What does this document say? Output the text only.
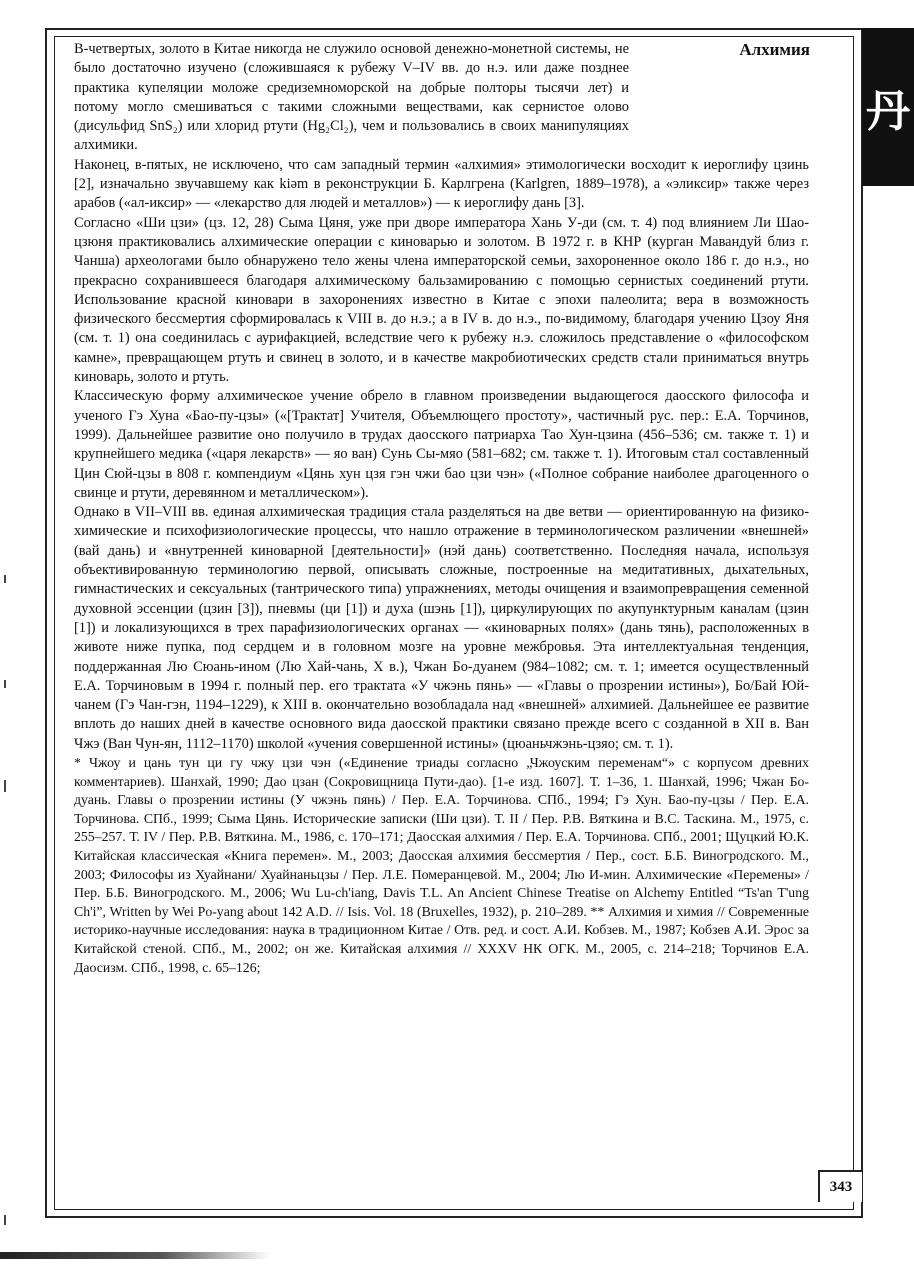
丹
Алхимия

В-четвертых, золото в Китае никогда не служило основой денежно-монетной системы, не было достаточно изучено (сложившаяся к рубежу V–IV вв. до н.э. или даже позднее практика купеляции моложе средиземноморской на добрые полторы тысячи лет) и потому могло смешиваться с такими сложными веществами, как сернистое олово (дисульфид SnS₂) или хлорид ртути (Hg₂Cl₂), чем и пользовались в своих манипуляциях алхимики.

Наконец, в-пятых, не исключено, что сам западный термин «алхимия» этимологически восходит к иероглифу цзинь [2], изначально звучавшему как kiəm в реконструкции Б. Карлгрена (Karlgren, 1889–1978), а «эликсир» также через арабов («ал-иксир» — «лекарство для людей и металлов») — к иероглифу дань [3].

Согласно «Ши цзи» (цз. 12, 28) Сыма Цяня, уже при дворе императора Хань У-ди (см. т. 4) под влиянием Ли Шао-цзюня практиковались алхимические операции с киноварью и золотом. В 1972 г. в КНР (курган Мавандуй близ г. Чанша) археологами было обнаружено тело жены члена императорской семьи, захороненное около 186 г. до н.э., но прекрасно сохранившееся благодаря алхимическому бальзамированию с помощью сернистых соединений ртути. Использование красной киновари в захоронениях известно в Китае с эпохи палеолита; вера в возможность физического бессмертия сформировалась к VIII в. до н.э.; а в IV в. до н.э., по-видимому, благодаря учению Цзоу Яня (см. т. 1) она соединилась с аурифакцией, вследствие чего к рубежу н.э. сложилось представление о «философском камне», превращающем ртуть и свинец в золото, и в качестве макробиотических средств стали приниматься внутрь киноварь, золото и ртуть.

Классическую форму алхимическое учение обрело в главном произведении выдающегося даосского философа и ученого Гэ Хуна «Бао-пу-цзы» («[Трактат] Учителя, Объемлющего простоту», частичный рус. пер.: Е.А. Торчинов, 1999). Дальнейшее развитие оно получило в трудах даосского патриарха Тао Хун-цзина (456–536; см. также т. 1) и крупнейшего медика («царя лекарств» — яо ван) Сунь Сы-мяо (581–682; см. также т. 1). Итоговым стал составленный Цин Сюй-цзы в 808 г. компендиум «Цянь хун цзя гэн чжи бао цзи чэн» («Полное собрание наиболее драгоценного о свинце и ртути, деревянном и металлическом»).

Однако в VII–VIII вв. единая алхимическая традиция стала разделяться на две ветви — ориентированную на физико-химические и психофизиологические процессы, что нашло отражение в терминологическом различении «внешней» (вай дань) и «внутренней киноварной [деятельности]» (нэй дань) соответственно. Последняя начала, используя объективированную терминологию первой, описывать сложные, построенные на медитативных, дыхательных, гимнастических и сексуальных (тантрического типа) упражнениях, методы очищения и взаимопревращения семенной духовной эссенции (цзин [3]), пневмы (ци [1]) и духа (шэнь [1]), циркулирующих по акупунктурным каналам (цзин [1]) и локализующихся в трех парафизиологических органах — «киноварных полях» (дань тянь), расположенных в животе ниже пупка, под сердцем и в головном мозге на уровне межбровья. Эта интеллектуальная тенденция, поддержанная Лю Сюань-ином (Лю Хай-чань, X в.), Чжан Бо-дуанем (984–1082; см. т. 1; имеется осуществленный Е.А. Торчиновым в 1994 г. полный пер. его трактата «У чжэнь пянь» — «Главы о прозрении истины»), Бо/Бай Юй-чанем (Гэ Чан-гэн, 1194–1229), к XIII в. окончательно возобладала над «внешней» алхимией. Дальнейшее ее развитие вплоть до наших дней в качестве основного вида даосской практики связано прежде всего с созданной в XII в. Ван Чжэ (Ван Чун-ян, 1112–1170) школой «учения совершенной истины» (цюаньчжэнь-цзяо; см. т. 1).

* Чжоу и цань тун ци гу чжу цзи чэн («Единение триады согласно „Чжоуским переменам“» с корпусом древних комментариев). Шанхай, 1990; Дао цзан (Сокровищница Пути-дао). [1-е изд. 1607]. Т. 1–36, 1. Шанхай, 1996; Чжан Бо-дуань. Главы о прозрении истины (У чжэнь пянь) / Пер. Е.А. Торчинова. СПб., 1994; Гэ Хун. Бао-пу-цзы / Пер. Е.А. Торчинова. СПб., 1999; Сыма Цянь. Исторические записки (Ши цзи). Т. II / Пер. Р.В. Вяткина и В.С. Таскина. М., 1975, с. 255–257. Т. IV / Пер. Р.В. Вяткина. М., 1986, с. 170–171; Даосская алхимия / Пер. Е.А. Торчинова. СПб., 2001; Щуцкий Ю.К. Китайская классическая «Книга перемен». М., 2003; Даосская алхимия бессмертия / Пер., сост. Б.Б. Виногродского. М., 2003; Философы из Хуайнани/ Хуайнаньцзы / Пер. Л.Е. Померанцевой. М., 2004; Лю И-мин. Алхимические «Перемены» / Пер. Б.Б. Виногродского. М., 2006; Wu Lu-ch'iang, Davis T.L. An Ancient Chinese Treatise on Alchemy Entitled “Ts'an T'ung Ch'i”, Written by Wei Po-yang about 142 A.D. // Isis. Vol. 18 (Bruxelles, 1932), p. 210–289. ** Алхимия и химия // Современные историко-научные исследования: наука в традиционном Китае / Отв. ред. и сост. А.И. Кобзев. М., 1987; Кобзев А.И. Эрос за Китайской стеной. СПб., М., 2002; он же. Китайская алхимия // XXXV НК ОГК. М., 2005, с. 214–218; Торчинов Е.А. Даосизм. СПб., 1998, с. 65–126;

343
